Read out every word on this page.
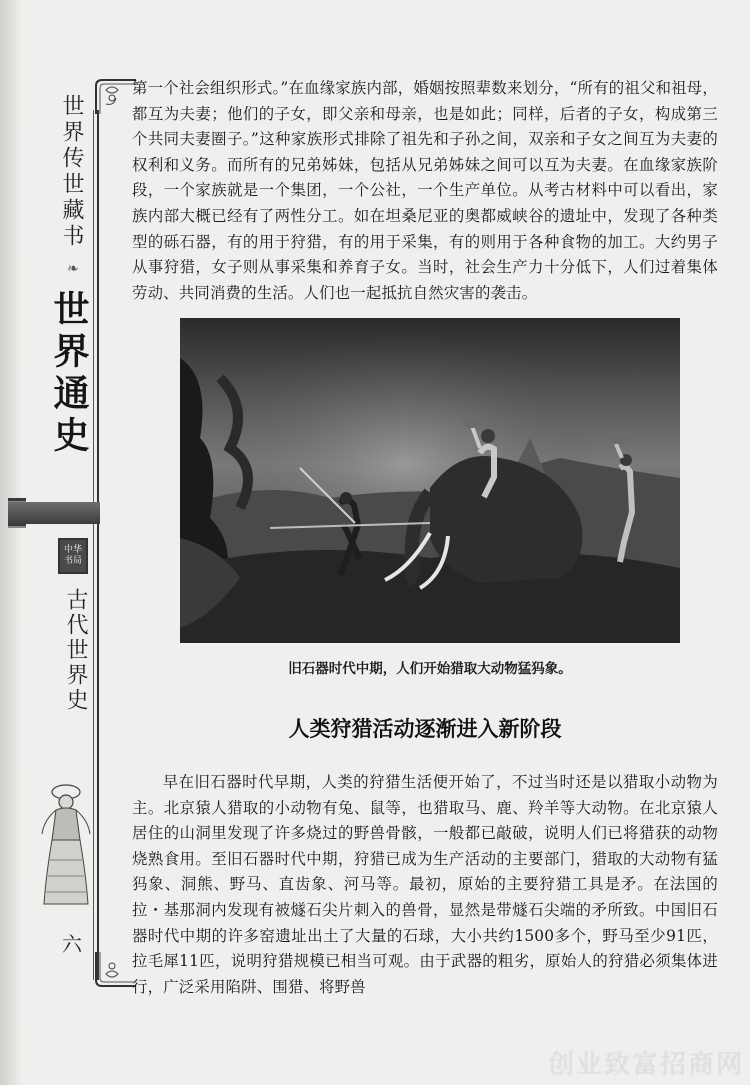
世界传世藏书
❧
世界通史
中华书局
古代世界史
六

第一个社会组织形式。”在血缘家族内部，婚姻按照辈数来划分，“所有的祖父和祖母，都互为夫妻；他们的子女，即父亲和母亲，也是如此；同样，后者的子女，构成第三个共同夫妻圈子。”这种家族形式排除了祖先和子孙之间，双亲和子女之间互为夫妻的权利和义务。而所有的兄弟姊妹，包括从兄弟姊妹之间可以互为夫妻。在血缘家族阶段，一个家族就是一个集团，一个公社，一个生产单位。从考古材料中可以看出，家族内部大概已经有了两性分工。如在坦桑尼亚的奥都威峡谷的遗址中，发现了各种类型的砾石器，有的用于狩猎，有的用于采集，有的则用于各种食物的加工。大约男子从事狩猎，女子则从事采集和养育子女。当时，社会生产力十分低下，人们过着集体劳动、共同消费的生活。人们也一起抵抗自然灾害的袭击。

旧石器时代中期，人们开始猎取大动物猛犸象。
人类狩猎活动逐渐进入新阶段

早在旧石器时代早期，人类的狩猎生活便开始了，不过当时还是以猎取小动物为主。北京猿人猎取的小动物有兔、鼠等，也猎取马、鹿、羚羊等大动物。在北京猿人居住的山洞里发现了许多烧过的野兽骨骸，一般都已敲破，说明人们已将猎获的动物烧熟食用。至旧石器时代中期，狩猎已成为生产活动的主要部门，猎取的大动物有猛犸象、洞熊、野马、直齿象、河马等。最初，原始的主要狩猎工具是矛。在法国的拉・基那洞内发现有被燧石尖片刺入的兽骨，显然是带燧石尖端的矛所致。中国旧石器时代中期的许多窑遗址出土了大量的石球，大小共约1500多个，野马至少91匹，拉毛犀11匹，说明狩猎规模已相当可观。由于武器的粗劣，原始人的狩猎必须集体进行，广泛采用陷阱、围猎、将野兽

创业致富招商网
